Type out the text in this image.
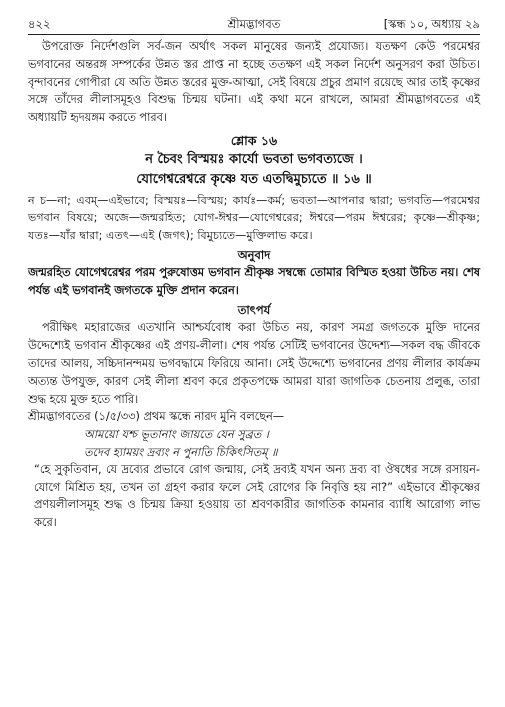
৪২২	শ্রীমদ্ভাগবত	[স্কন্ধ ১০, অধ্যায় ২৯

উপরোক্ত নির্দেশগুলি সর্ব-জন অর্থাৎ সকল মানুষের জন্যই প্রযোজ্য। যতক্ষণ কেউ পরমেশ্বর ভগবানের অন্তরঙ্গ সম্পর্কের উন্নত স্তর প্রাপ্ত না হচ্ছে ততক্ষণ এই সকল নির্দেশ অনুসরণ করা উচিত। বৃন্দাবনের গোপীরা যে অতি উন্নত স্তরের মুক্ত-আত্মা, সেই বিষয়ে প্রচুর প্রমাণ রয়েছে আর তাই কৃষ্ণের সঙ্গে তাঁদের লীলাসমূহও বিশুদ্ধ চিন্ময় ঘটনা। এই কথা মনে রাখলে, আমরা শ্রীমদ্ভাগবতের এই অধ্যায়টি হৃদয়ঙ্গম করতে পারব।

শ্লোক ১৬
ন চৈবং বিস্ময়ঃ কার্যো ভবতা ভগবত্যজে ।
যোগেশ্বরেশ্বরে কৃষ্ণে যত এতদ্বিমুচ্যতে ॥ ১৬ ॥

ন চ—না; এবম্—এইভাবে; বিস্ময়ঃ—বিস্ময়; কার্যঃ—কর্ম; ভবতা—আপনার দ্বারা; ভগবতি—পরমেশ্বর ভগবান বিষয়ে; অজে—জন্মরহিত; যোগ-ঈশ্বর—যোগেশ্বরের; ঈশ্বরে—পরম ঈশ্বরের; কৃষ্ণে—শ্রীকৃষ্ণ; যতঃ—যাঁর দ্বারা; এতৎ—এই (জগৎ); বিমুচ্যতে—মুক্তিলাভ করে।

অনুবাদ

জন্মরহিত যোগেশ্বরেশ্বর পরম পুরুষোত্তম ভগবান শ্রীকৃষ্ণ সম্বন্ধে তোমার বিস্মিত হওয়া উচিত নয়। শেষ পর্যন্ত এই ভগবানই জগতকে মুক্তি প্রদান করেন।

তাৎপর্য

পরীক্ষিৎ মহারাজের এতখানি আশ্চর্যবোধ করা উচিত নয়, কারণ সমগ্র জগতকে মুক্তি দানের উদ্দেশ্যেই ভগবান শ্রীকৃষ্ণের এই প্রণয়-লীলা। শেষ পর্যন্ত সেটিই ভগবানের উদ্দেশ্য—সকল বদ্ধ জীবকে তাদের আলয়, সচ্চিদানন্দময় ভগবদ্ধামে ফিরিয়ে আনা। সেই উদ্দেশ্যে ভগবানের প্রণয় লীলার কার্যক্রম অত্যন্ত উপযুক্ত, কারণ সেই লীলা শ্রবণ করে প্রকৃতপক্ষে আমরা যারা জাগতিক চেতনায় প্রলুব্ধ, তারা শুদ্ধ হয়ে মুক্ত হতে পারি।

শ্রীমদ্ভাগবতের (১/৫/৩৩) প্রথম স্কন্ধে নারদ মুনি বলছেন—

আময়ো যশ্চ ভূতানাং জায়তে যেন সুব্রত ।
তদেব হ্যাময়ং দ্রব্যং ন পুনাতি চিকিৎসিতম্ ॥

“হে সুকৃতিবান, যে দ্রব্যের প্রভাবে রোগ জন্মায়, সেই দ্রব্যই যখন অন্য দ্রব্য বা ঔষধের সঙ্গে রসায়ন-যোগে মিশ্রিত হয়, তখন তা গ্রহণ করার ফলে সেই রোগের কি নিবৃত্তি হয় না?” এইভাবে শ্রীকৃষ্ণের প্রণয়লীলাসমূহ শুদ্ধ ও চিন্ময় ক্রিয়া হওয়ায় তা শ্রবণকারীর জাগতিক কামনার ব্যাধি আরোগ্য লাভ করে।
